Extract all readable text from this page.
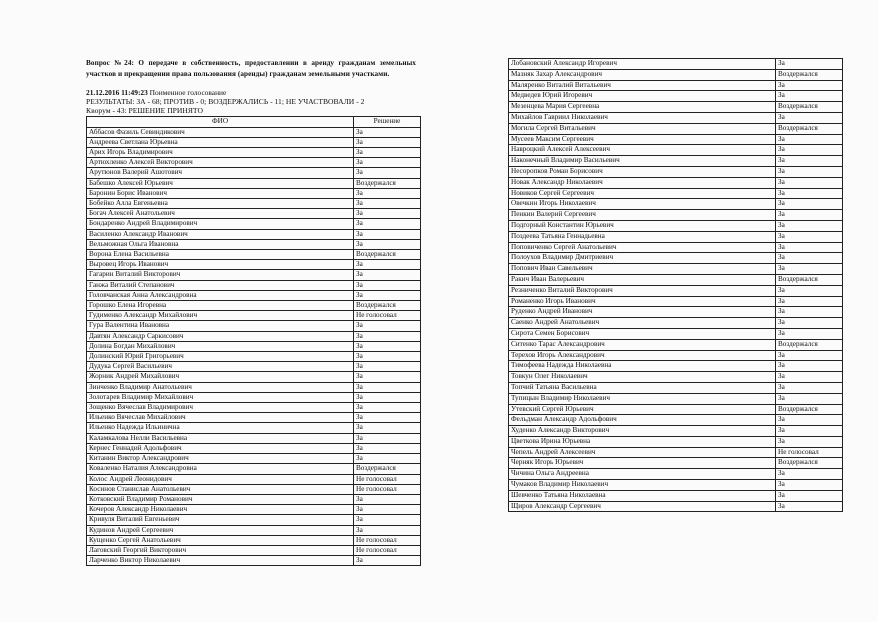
Вопрос №24: О передаче в собственность, предоставлении в аренду гражданам земельных участков и прекращении права пользования (аренды) гражданам земельными участками.

21.12.2016 11:49:23 Поименное голосование

РЕЗУЛЬТАТЫ: ЗА - 68; ПРОТИВ - 0; ВОЗДЕРЖАЛИСЬ - 11; НЕ УЧАСТВОВАЛИ - 2

Кворум - 43: РЕШЕНИЕ ПРИНЯТО

ФИО	Решение
Аббасов Фазиль Севиндикович	За
Андреева Светлана Юрьевна	За
Арих Игорь Владимирович	За
Артюхленко Алексей Викторович	За
Арутюнов Валерий Ашотович	За
Бабешко Алексей Юрьевич	Воздержался
Баронин Борис Иванович	За
Бобейко Алла Евгеньевна	За
Богач Алексей Анатольевич	За
Бондаренко Андрей Владимирович	За
Василенко Александр Иванович	За
Вельможная Ольга Ивановна	За
Ворона Елена Васильевна	Воздержался
Выровец Игорь Иванович	За
Гагарин Виталий Викторович	За
Ганжа Виталий Степанович	За
Головчанская Анна Александровна	За
Горошко Елена Игоревна	Воздержался
Гудименко Александр Михайлович	Не голосовал
Гура Валентина Ивановна	За
Давтян Александр Саркисович	За
Долина Богдан Михайлович	За
Долинский Юрий Григорьевич	За
Дудука Сергей Васильевич	За
Жорник Андрей Михайлович	За
Зинченко Владимир Анатольевич	За
Золотарев Владимир Михайлович	За
Зощенко Вячеслав Владимирович	За
Ильенко Вячеслав Михайлович	За
Ильенко Надежда Ильинична	За
Каламкалова Нелли Васильевна	За
Кернес Геннадий Адольфович	За
Китанин Виктор Александрович	За
Коваленко Наталия Александровна	Воздержался
Колос Андрей Леонидович	Не голосовал
Косинов Станислав Анатольевич	Не голосовал
Котковский Владимир Романович	За
Кочеров Александр Николаевич	За
Кривуля Виталий Евгеньевич	За
Кудинов Андрей Сергеевич	За
Кущенко Сергей Анатольевич	Не голосовал
Лаговский Георгий Викторович	Не голосовал
Ларченко Виктор Николаевич	За
Лобановский Александр Игоревич	За
Мазняк Захар Александрович	Воздержался
Маляренко Виталий Витальевич	За
Медведев Юрий Игоревич	За
Мезенцева Мария Сергеевна	Воздержался
Михайлов Гавриил Николаевич	За
Могила Сергей Витальевич	Воздержался
Мусеев Максим Сергеевич	За
Навроцкий Алексей Алексеевич	За
Наконечный Владимир Васильевич	За
Несоропков Роман Борисович	За
Новак Александр Николаевич	За
Новиков Сергей Сергеевич	За
Овечкин Игорь Николаевич	За
Пенкин Валерий Сергеевич	За
Подгорный Константин Юрьевич	За
Поздеева Татьяна Геннадьевна	За
Поповиченко Сергей Анатольевич	За
Полоухов Владимир Дмитриевич	За
Попович Иван Савельевич	За
Ракич Иван Валерьевич	Воздержался
Резниченко Виталий Викторович	За
Романенко Игорь Иванович	За
Руденко Андрей Иванович	За
Саенко Андрей Анатольевич	За
Сирота Семен Борисович	За
Ситенко Тарас Александрович	Воздержался
Терехов Игорь Александрович	За
Тимофеева Надежда Николаевна	За
Товкун Олег Николаевич	За
Топчий Татьяна Васильевна	За
Тупицын Владимир Николаевич	За
Утевский Сергей Юрьевич	Воздержался
Фельдман Александр Адольфович	За
Худенко Александр Викторович	За
Цветкова Ирина Юрьевна	За
Чепель Андрей Алексеевич	Не голосовал
Черняк Игорь Юрьевич	Воздержался
Чичина Ольга Андреевна	За
Чумаков Владимир Николаевич	За
Шевченко Татьяна Николаевна	За
Щиров Александр Сергеевич	За
